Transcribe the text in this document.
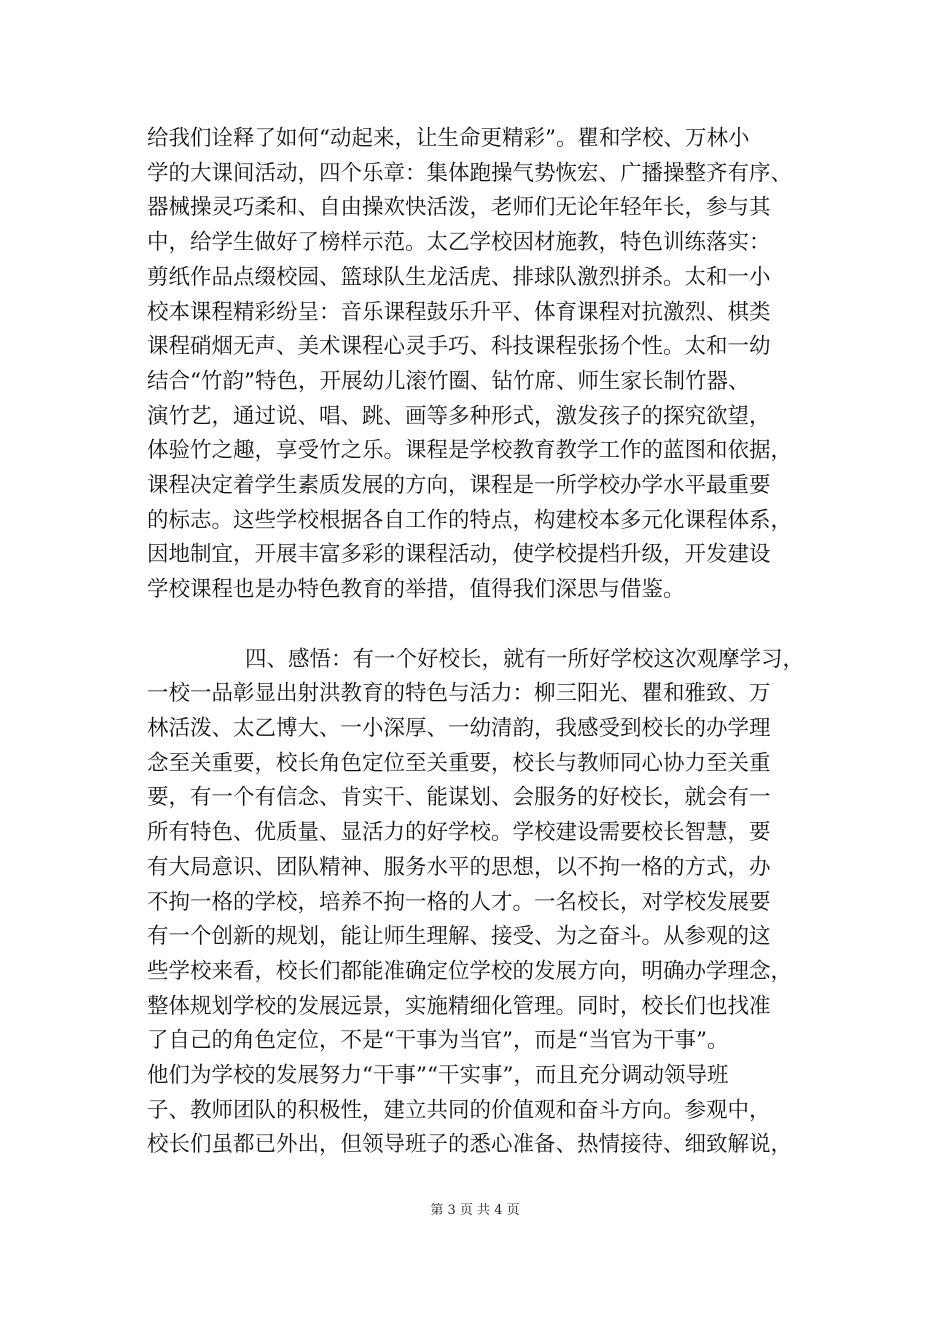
给我们诠释了如何“动起来，让生命更精彩”。瞿和学校、万林小
学的大课间活动，四个乐章：集体跑操气势恢宏、广播操整齐有序、
器械操灵巧柔和、自由操欢快活泼，老师们无论年轻年长，参与其
中，给学生做好了榜样示范。太乙学校因材施教，特色训练落实：
剪纸作品点缀校园、篮球队生龙活虎、排球队激烈拼杀。太和一小
校本课程精彩纷呈：音乐课程鼓乐升平、体育课程对抗激烈、棋类
课程硝烟无声、美术课程心灵手巧、科技课程张扬个性。太和一幼
结合“竹韵”特色，开展幼儿滚竹圈、钻竹席、师生家长制竹器、
演竹艺，通过说、唱、跳、画等多种形式，激发孩子的探究欲望，
体验竹之趣，享受竹之乐。课程是学校教育教学工作的蓝图和依据，
课程决定着学生素质发展的方向，课程是一所学校办学水平最重要
的标志。这些学校根据各自工作的特点，构建校本多元化课程体系，
因地制宜，开展丰富多彩的课程活动，使学校提档升级，开发建设
学校课程也是办特色教育的举措，值得我们深思与借鉴。
四、感悟：有一个好校长，就有一所好学校这次观摩学习，
一校一品彰显出射洪教育的特色与活力：柳三阳光、瞿和雅致、万
林活泼、太乙博大、一小深厚、一幼清韵，我感受到校长的办学理
念至关重要，校长角色定位至关重要，校长与教师同心协力至关重
要，有一个有信念、肯实干、能谋划、会服务的好校长，就会有一
所有特色、优质量、显活力的好学校。学校建设需要校长智慧，要
有大局意识、团队精神、服务水平的思想，以不拘一格的方式，办
不拘一格的学校，培养不拘一格的人才。一名校长，对学校发展要
有一个创新的规划，能让师生理解、接受、为之奋斗。从参观的这
些学校来看，校长们都能准确定位学校的发展方向，明确办学理念，
整体规划学校的发展远景，实施精细化管理。同时，校长们也找准
了自己的角色定位，不是“干事为当官”，而是“当官为干事”。
他们为学校的发展努力“干事”“干实事”，而且充分调动领导班
子、教师团队的积极性，建立共同的价值观和奋斗方向。参观中，
校长们虽都已外出，但领导班子的悉心准备、热情接待、细致解说，
第 3 页 共 4 页
